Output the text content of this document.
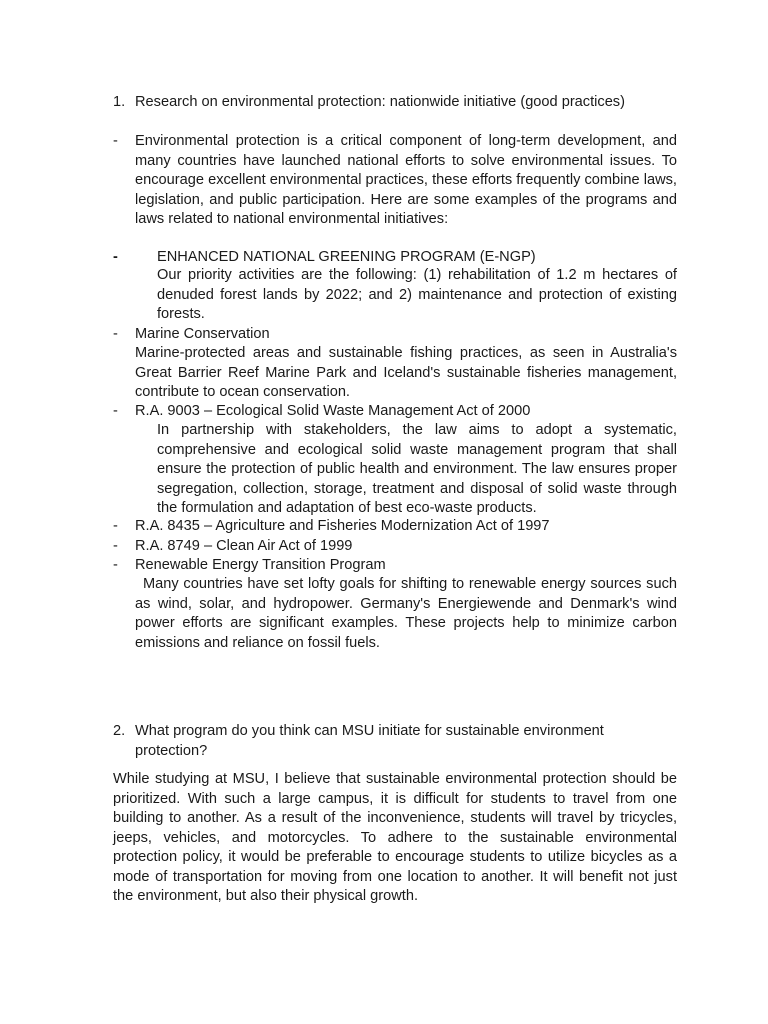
1. Research on environmental protection: nationwide initiative (good practices)
- Environmental protection is a critical component of long-term development, and many countries have launched national efforts to solve environmental issues. To encourage excellent environmental practices, these efforts frequently combine laws, legislation, and public participation. Here are some examples of the programs and laws related to national environmental initiatives:
-	ENHANCED NATIONAL GREENING PROGRAM (E-NGP)
Our priority activities are the following: (1) rehabilitation of 1.2 m hectares of denuded forest lands by 2022; and 2) maintenance and protection of existing forests.
- Marine Conservation
Marine-protected areas and sustainable fishing practices, as seen in Australia's Great Barrier Reef Marine Park and Iceland's sustainable fisheries management, contribute to ocean conservation.
- R.A. 9003 – Ecological Solid Waste Management Act of 2000
In partnership with stakeholders, the law aims to adopt a systematic, comprehensive and ecological solid waste management program that shall ensure the protection of public health and environment. The law ensures proper segregation, collection, storage, treatment and disposal of solid waste through the formulation and adaptation of best eco-waste products.
- R.A. 8435 – Agriculture and Fisheries Modernization Act of 1997
- R.A. 8749 – Clean Air Act of 1999
- Renewable Energy Transition Program
Many countries have set lofty goals for shifting to renewable energy sources such as wind, solar, and hydropower. Germany's Energiewende and Denmark's wind power efforts are significant examples. These projects help to minimize carbon emissions and reliance on fossil fuels.
2. What program do you think can MSU initiate for sustainable environment protection?
While studying at MSU, I believe that sustainable environmental protection should be prioritized. With such a large campus, it is difficult for students to travel from one building to another. As a result of the inconvenience, students will travel by tricycles, jeeps, vehicles, and motorcycles. To adhere to the sustainable environmental protection policy, it would be preferable to encourage students to utilize bicycles as a mode of transportation for moving from one location to another. It will benefit not just the environment, but also their physical growth.
